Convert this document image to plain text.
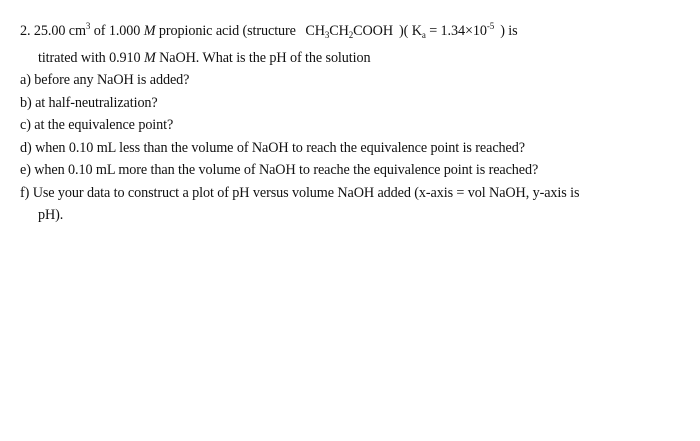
2. 25.00 $cm^3$ of 1.000 M propionic acid (structure $CH_3CH_2COOH$ )( $K_a = 1.34\times 10^{-5}$ ) is
titrated with 0.910 M NaOH. What is the pH of the solution
a) before any NaOH is added?
b) at half-neutralization?
c) at the equivalence point?
d) when 0.10 mL less than the volume of NaOH to reach the equivalence point is reached?
e) when 0.10 mL more than the volume of NaOH to reache the equivalence point is reached?
f) Use your data to construct a plot of pH versus volume NaOH added (x-axis = vol NaOH, y-axis is
pH).
